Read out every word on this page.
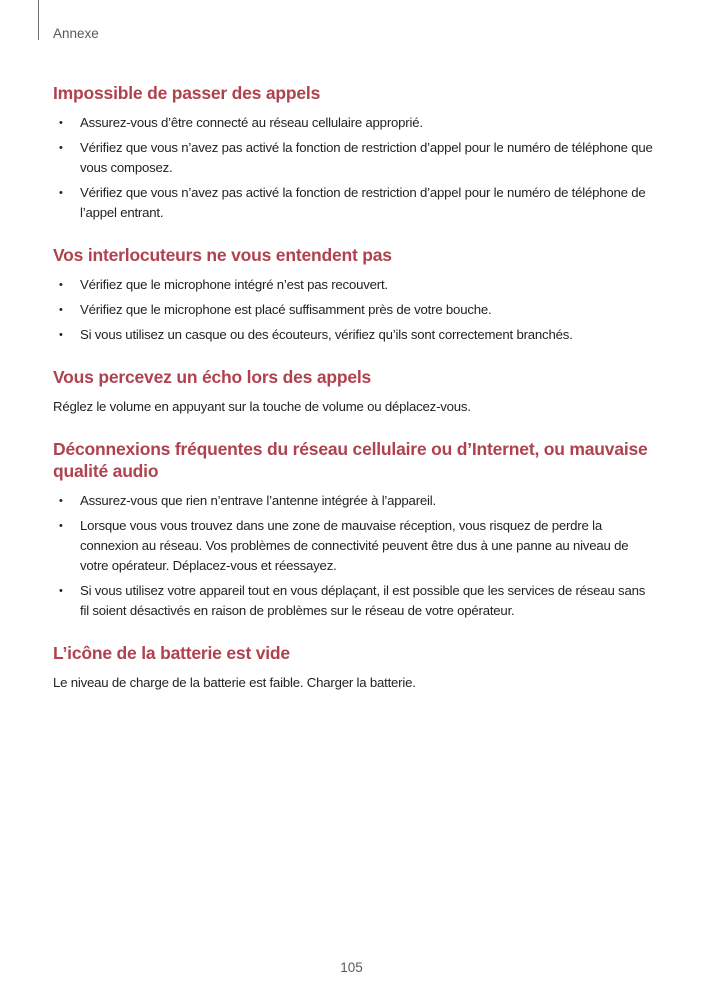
Annexe
Impossible de passer des appels
• Assurez-vous d’être connecté au réseau cellulaire approprié.
• Vérifiez que vous n’avez pas activé la fonction de restriction d’appel pour le numéro de téléphone que vous composez.
• Vérifiez que vous n’avez pas activé la fonction de restriction d’appel pour le numéro de téléphone de l’appel entrant.
Vos interlocuteurs ne vous entendent pas
• Vérifiez que le microphone intégré n’est pas recouvert.
• Vérifiez que le microphone est placé suffisamment près de votre bouche.
• Si vous utilisez un casque ou des écouteurs, vérifiez qu’ils sont correctement branchés.
Vous percevez un écho lors des appels

Réglez le volume en appuyant sur la touche de volume ou déplacez-vous.

Déconnexions fréquentes du réseau cellulaire ou d’Internet, ou mauvaise qualité audio
• Assurez-vous que rien n’entrave l’antenne intégrée à l’appareil.
• Lorsque vous vous trouvez dans une zone de mauvaise réception, vous risquez de perdre la connexion au réseau. Vos problèmes de connectivité peuvent être dus à une panne au niveau de votre opérateur. Déplacez-vous et réessayez.
• Si vous utilisez votre appareil tout en vous déplaçant, il est possible que les services de réseau sans fil soient désactivés en raison de problèmes sur le réseau de votre opérateur.
L’icône de la batterie est vide

Le niveau de charge de la batterie est faible. Charger la batterie.

105
